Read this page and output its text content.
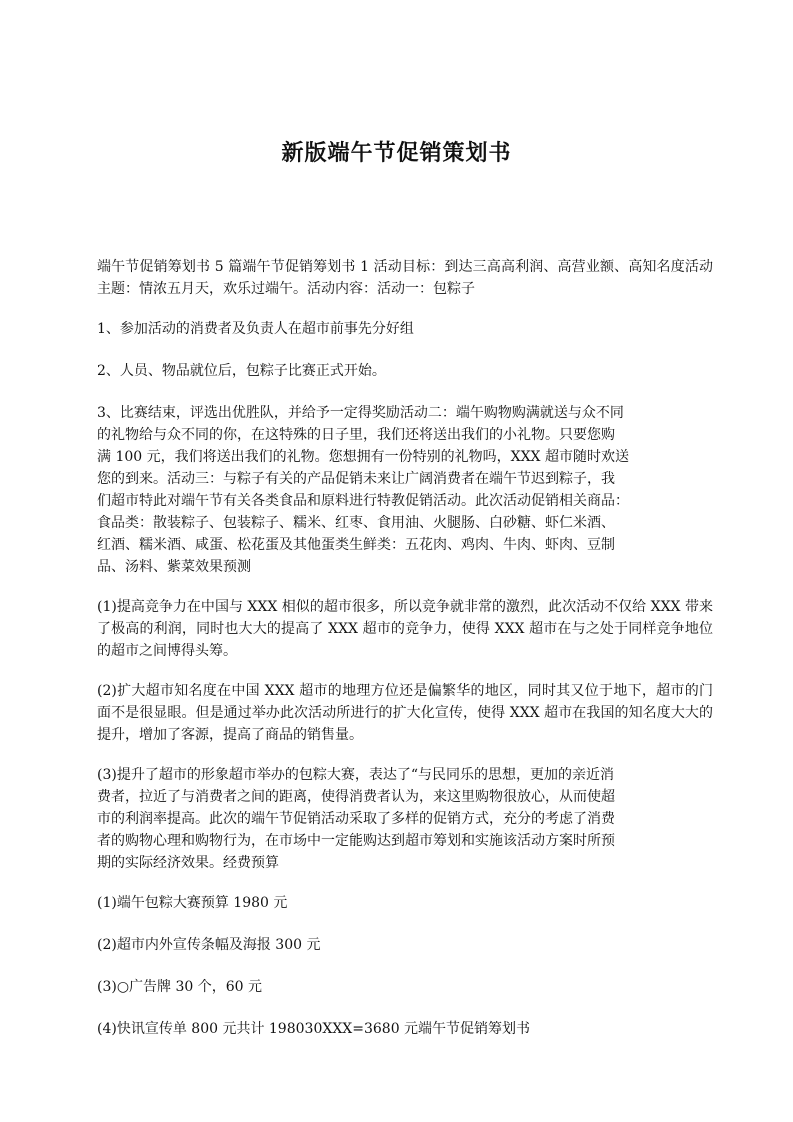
新版端午节促销策划书

端午节促销筹划书 5 篇端午节促销筹划书 1 活动目标：到达三高高利润、高营业额、高知名度活动主题：情浓五月天，欢乐过端午。活动内容：活动一：包粽子

1、参加活动的消费者及负责人在超市前事先分好组

2、人员、物品就位后，包粽子比赛正式开始。

3、比赛结束，评选出优胜队，并给予一定得奖励活动二：端午购物购满就送与众不同
的礼物给与众不同的你，在这特殊的日子里，我们还将送出我们的小礼物。只要您购
满 100 元，我们将送出我们的礼物。您想拥有一份特别的礼物吗，XXX 超市随时欢送
您的到来。活动三：与粽子有关的产品促销未来让广阔消费者在端午节迟到粽子，我
们超市特此对端午节有关各类食品和原料进行特教促销活动。此次活动促销相关商品：
食品类：散装粽子、包装粽子、糯米、红枣、食用油、火腿肠、白砂糖、虾仁米酒、
红酒、糯米酒、咸蛋、松花蛋及其他蛋类生鲜类：五花肉、鸡肉、牛肉、虾肉、豆制
品、汤料、紫菜效果预测

(1)提高竞争力在中国与 XXX 相似的超市很多，所以竞争就非常的激烈，此次活动不仅给 XXX 带来了极高的利润，同时也大大的提高了 XXX 超市的竞争力，使得 XXX 超市在与之处于同样竞争地位的超市之间博得头筹。

(2)扩大超市知名度在中国 XXX 超市的地理方位还是偏繁华的地区，同时其又位于地下，超市的门面不是很显眼。但是通过举办此次活动所进行的扩大化宣传，使得 XXX 超市在我国的知名度大大的提升，增加了客源，提高了商品的销售量。

(3)提升了超市的形象超市举办的包粽大赛，表达了“与民同乐的思想，更加的亲近消
费者，拉近了与消费者之间的距离，使得消费者认为，来这里购物很放心，从而使超
市的利润率提高。此次的端午节促销活动采取了多样的促销方式，充分的考虑了消费
者的购物心理和购物行为，在市场中一定能购达到超市筹划和实施该活动方案时所预
期的实际经济效果。经费预算

(1)端午包粽大赛预算 1980 元

(2)超市内外宣传条幅及海报 300 元

(3)○广告牌 30 个，60 元

(4)快讯宣传单 800 元共计 198030XXX=3680 元端午节促销筹划书
